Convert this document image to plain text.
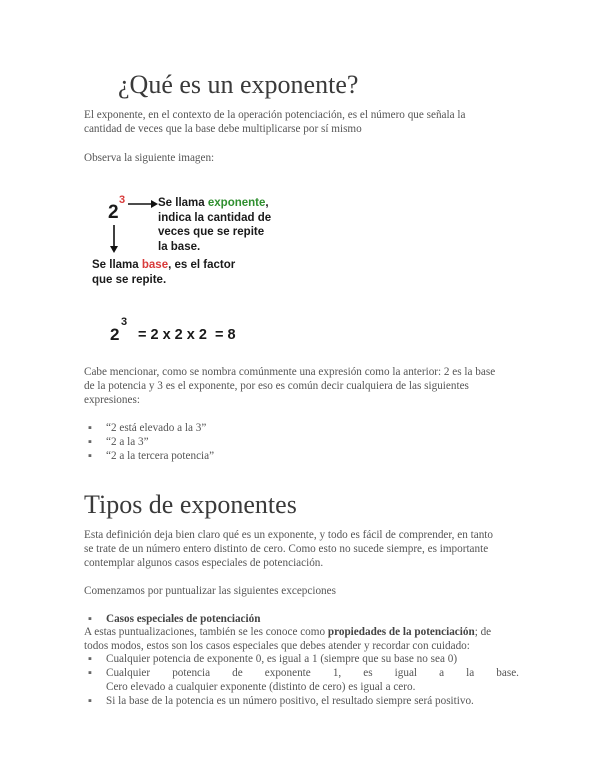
¿Qué es un exponente?
El exponente, en el contexto de la operación potenciación, es el número que señala la
cantidad de veces que la base debe multiplicarse por sí mismo
Observa la siguiente imagen:
2
3	Se llama exponente,
indica la cantidad de
veces que se repite
la base.
Se llama base, es el factor
que se repite.
2
3
= 2 x 2 x 2  = 8
Cabe mencionar, como se nombra comúnmente una expresión como la anterior: 2 es la base
de la potencia y 3 es el exponente, por eso es común decir cualquiera de las siguientes
expresiones:
▪ “2 está elevado a la 3”
▪ “2 a la 3”
▪ “2 a la tercera potencia”
Tipos de exponentes
Esta definición deja bien claro qué es un exponente, y todo es fácil de comprender, en tanto
se trate de un número entero distinto de cero. Como esto no sucede siempre, es importante
contemplar algunos casos especiales de potenciación.
Comenzamos por puntualizar las siguientes excepciones
▪ Casos especiales de potenciación
A estas puntualizaciones, también se les conoce como propiedades de la potenciación; de
todos modos, estos son los casos especiales que debes atender y recordar con cuidado:
▪ Cualquier potencia de exponente 0, es igual a 1 (siempre que su base no sea 0)
▪	Cualquier potencia de exponente 1, es igual a la base.
Cero elevado a cualquier exponente (distinto de cero) es igual a cero.
▪ Si la base de la potencia es un número positivo, el resultado siempre será positivo.
